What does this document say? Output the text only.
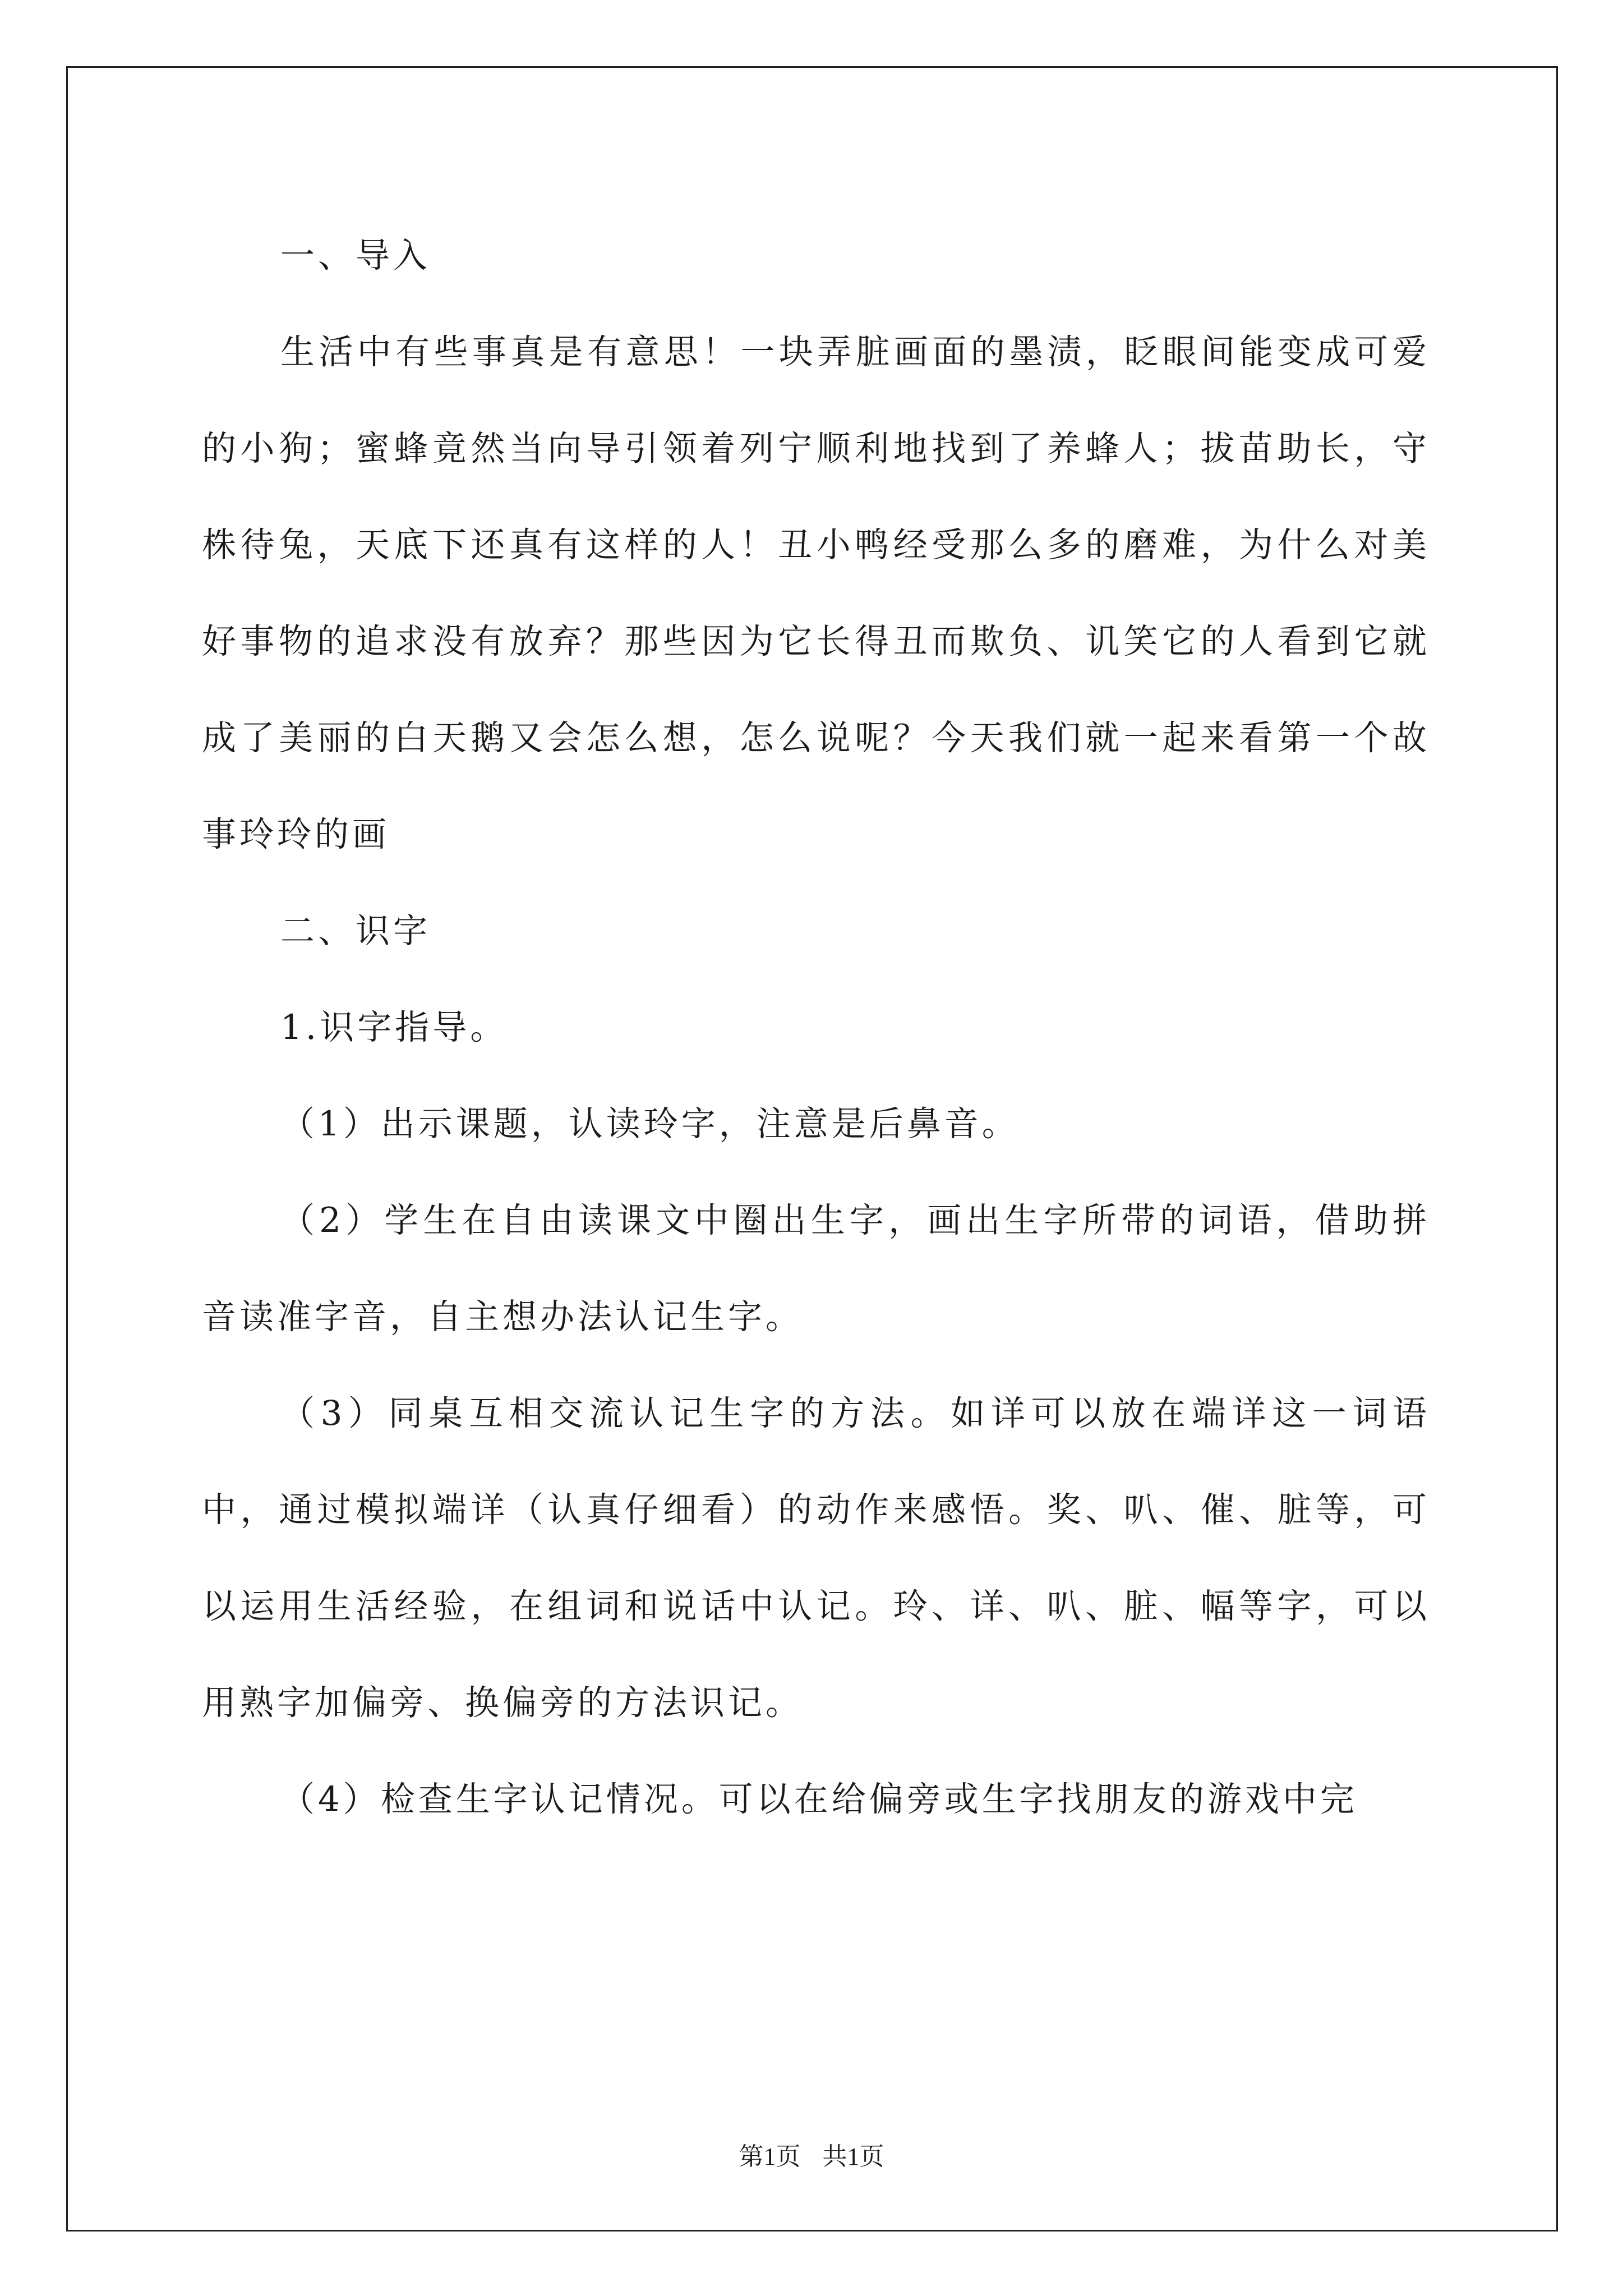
一、导入

生活中有些事真是有意思！一块弄脏画面的墨渍，眨眼间能变成可爱的小狗；蜜蜂竟然当向导引领着列宁顺利地找到了养蜂人；拔苗助长，守株待兔，天底下还真有这样的人！丑小鸭经受那么多的磨难，为什么对美好事物的追求没有放弃？那些因为它长得丑而欺负、讥笑它的人看到它就成了美丽的白天鹅又会怎么想，怎么说呢？今天我们就一起来看第一个故事玲玲的画

二、识字

1.识字指导。

（1）出示课题，认读玲字，注意是后鼻音。

（2）学生在自由读课文中圈出生字，画出生字所带的词语，借助拼音读准字音，自主想办法认记生字。

（3）同桌互相交流认记生字的方法。如详可以放在端详这一词语中，通过模拟端详（认真仔细看）的动作来感悟。奖、叭、催、脏等，可以运用生活经验，在组词和说话中认记。玲、详、叭、脏、幅等字，可以用熟字加偏旁、换偏旁的方法识记。

（4）检查生字认记情况。可以在给偏旁或生字找朋友的游戏中完

第1页 共1页
